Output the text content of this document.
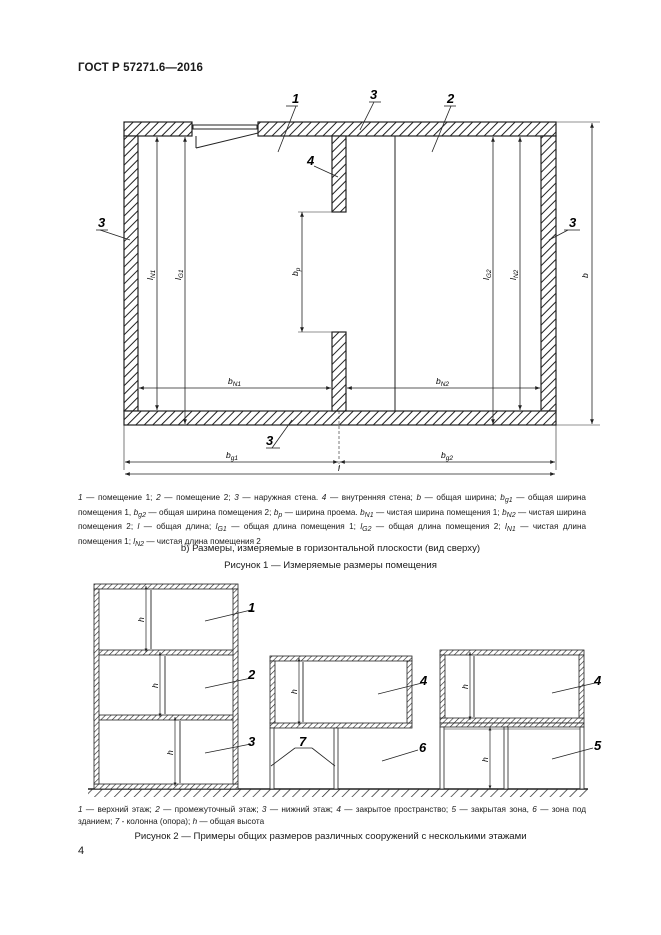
ГОСТ Р 57271.6—2016
1	3	2
4
3	3
3
$l_{N1}$
$l_{G1}$	$b_p$
$l_{G2}$
$l_{N2}$	b
$b_{N1}$	$b_{N2}$
$b_{g1}$	$b_{g2}$
l
1 — помещение 1; 2 — помещение 2; 3 — наружная стена. 4 — внутренняя стена; b — общая ширина; bg1 — общая ширина помещения 1, bg2 — общая ширина помещения 2; bp — ширина проема. bN1 — чистая ширина помещения 1; bN2 — чистая ширина помещения 2; l — общая длина; lG1 — общая длина помещения 1; lG2 — общая длина помещения 2; lN1 — чистая длина помещения 1; lN2 — чистая длина помещения 2
b) Размеры, измеряемые в горизонтальной плоскости (вид сверху)
Рисунок 1 — Измеряемые размеры помещения
1
2
3
4
6
4
5
7
h
h
h
h
h
h
1 — верхний этаж; 2 — промежуточный этаж; 3 — нижний этаж; 4 — закрытое пространство; 5 — закрытая зона, 6 — зона под зданием; 7 - колонна (опора); h — общая высота
Рисунок 2 — Примеры общих размеров различных сооружений с несколькими этажами
4
